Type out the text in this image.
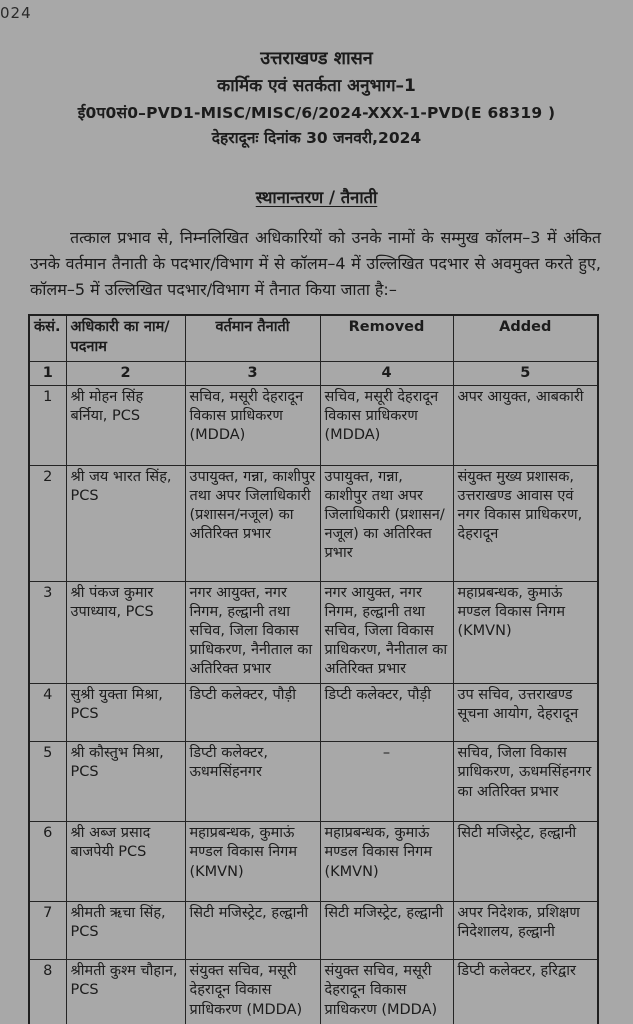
024
उत्तराखण्ड शासन
कार्मिक एवं सतर्कता अनुभाग–1
ई0प0सं0–PVD1-MISC/MISC/6/2024-XXX-1-PVD(E 68319 )
देहरादूनः दिनांक 30 जनवरी,2024

स्थानान्तरण / तैनाती

तत्काल प्रभाव से, निम्नलिखित अधिकारियों को उनके नामों के सम्मुख कॉलम–3 में अंकित उनके वर्तमान तैनाती के पदभार/विभाग में से कॉलम–4 में उल्लिखित पदभार से अवमुक्त करते हुए, कॉलम–5 में उल्लिखित पदभार/विभाग में तैनात किया जाता है:–

कंसं.	अधिकारी का नाम/ पदनाम	वर्तमान तैनाती	Removed	Added
1	2	3	4	5
1	श्री मोहन सिंह बर्निया, PCS	सचिव, मसूरी देहरादून विकास प्राधिकरण (MDDA)	सचिव, मसूरी देहरादून विकास प्राधिकरण (MDDA)	अपर आयुक्त, आबकारी
2	श्री जय भारत सिंह, PCS	उपायुक्त, गन्ना, काशीपुर तथा अपर जिलाधिकारी (प्रशासन/नजूल) का अतिरिक्त प्रभार	उपायुक्त, गन्ना, काशीपुर तथा अपर जिलाधिकारी (प्रशासन/नजूल) का अतिरिक्त प्रभार	संयुक्त मुख्य प्रशासक, उत्तराखण्ड आवास एवं नगर विकास प्राधिकरण, देहरादून
3	श्री पंकज कुमार उपाध्याय, PCS	नगर आयुक्त, नगर निगम, हल्द्वानी तथा सचिव, जिला विकास प्राधिकरण, नैनीताल का अतिरिक्त प्रभार	नगर आयुक्त, नगर निगम, हल्द्वानी तथा सचिव, जिला विकास प्राधिकरण, नैनीताल का अतिरिक्त प्रभार	महाप्रबन्धक, कुमाऊं मण्डल विकास निगम (KMVN)
4	सुश्री युक्ता मिश्रा, PCS	डिप्टी कलेक्टर, पौड़ी	डिप्टी कलेक्टर, पौड़ी	उप सचिव, उत्तराखण्ड सूचना आयोग, देहरादून
5	श्री कौस्तुभ मिश्रा, PCS	डिप्टी कलेक्टर, ऊधमसिंहनगर	–	सचिव, जिला विकास प्राधिकरण, ऊधमसिंहनगर का अतिरिक्त प्रभार
6	श्री अब्ज प्रसाद बाजपेयी PCS	महाप्रबन्धक, कुमाऊं मण्डल विकास निगम (KMVN)	महाप्रबन्धक, कुमाऊं मण्डल विकास निगम (KMVN)	सिटी मजिस्ट्रेट, हल्द्वानी
7	श्रीमती ऋचा सिंह, PCS	सिटी मजिस्ट्रेट, हल्द्वानी	सिटी मजिस्ट्रेट, हल्द्वानी	अपर निदेशक, प्रशिक्षण निदेशालय, हल्द्वानी
8	श्रीमती कुश्म चौहान, PCS	संयुक्त सचिव, मसूरी देहरादून विकास प्राधिकरण (MDDA)	संयुक्त सचिव, मसूरी देहरादून विकास प्राधिकरण (MDDA)	डिप्टी कलेक्टर, हरिद्वार
